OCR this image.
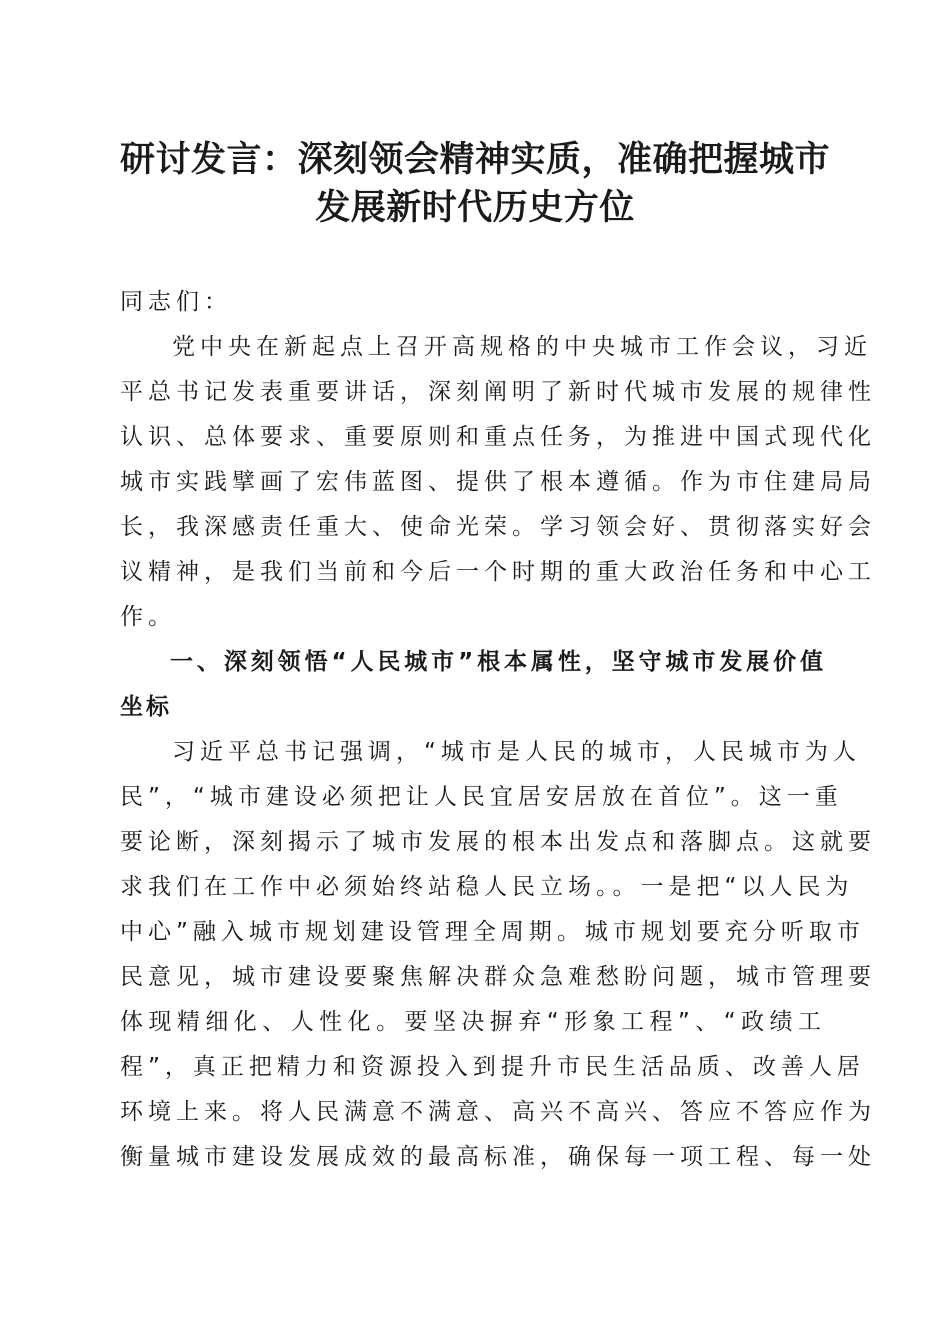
研讨发言：深刻领会精神实质，准确把握城市
发展新时代历史方位
同志们：
党中央在新起点上召开高规格的中央城市工作会议，习近
平总书记发表重要讲话，深刻阐明了新时代城市发展的规律性
认识、总体要求、重要原则和重点任务，为推进中国式现代化
城市实践擘画了宏伟蓝图、提供了根本遵循。作为市住建局局
长，我深感责任重大、使命光荣。学习领会好、贯彻落实好会
议精神，是我们当前和今后一个时期的重大政治任务和中心工
作。
一、深刻领悟“人民城市”根本属性，坚守城市发展价值
坐标
习近平总书记强调，“城市是人民的城市，人民城市为人
民”，“城市建设必须把让人民宜居安居放在首位”。这一重
要论断，深刻揭示了城市发展的根本出发点和落脚点。这就要
求我们在工作中必须始终站稳人民立场。。一是把“以人民为
中心”融入城市规划建设管理全周期。城市规划要充分听取市
民意见，城市建设要聚焦解决群众急难愁盼问题，城市管理要
体现精细化、人性化。要坚决摒弃“形象工程”、“政绩工
程”，真正把精力和资源投入到提升市民生活品质、改善人居
环境上来。将人民满意不满意、高兴不高兴、答应不答应作为
衡量城市建设发展成效的最高标准，确保每一项工程、每一处
